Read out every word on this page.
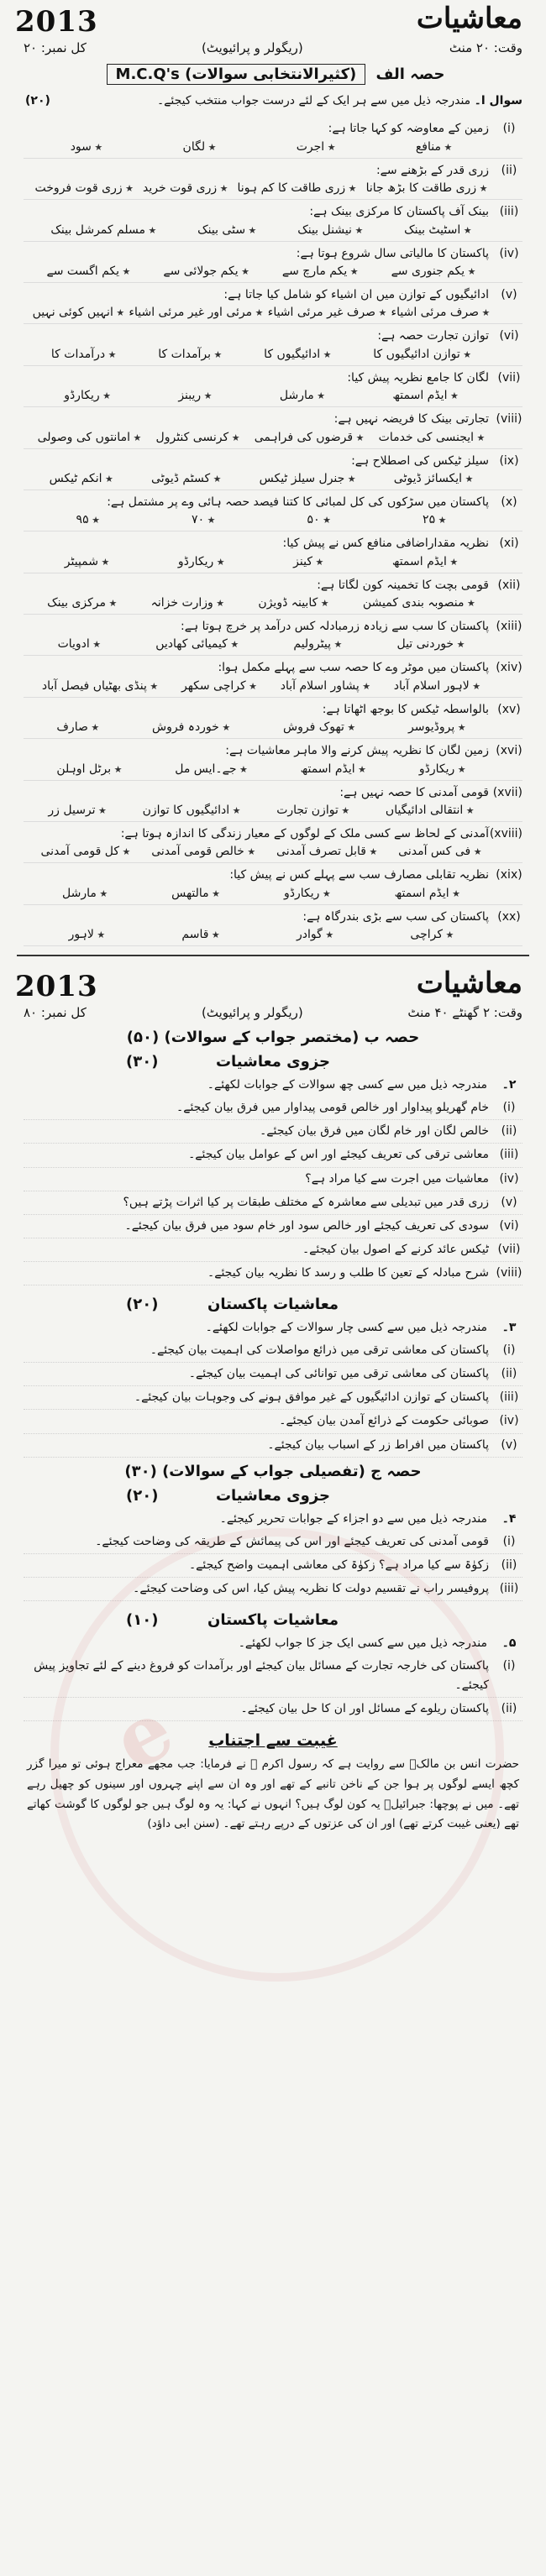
e
2013	معاشیات
وقت: ۲۰ منٹ
(ریگولر و پرائیویٹ)
کل نمبر: ۲۰
حصہ الف (کثیرالانتخابی سوالات) M.C.Q's
سوال ا۔ مندرجہ ذیل میں سے ہر ایک کے لئے درست جواب منتخب کیجئے۔
(۲۰)
(i)
زمین کے معاوضہ کو کہا جاتا ہے:
★ منافع
★ اجرت
★ لگان
★ سود
(ii)
زری قدر کے بڑھنے سے:
★ زری طاقت کا بڑھ جانا
★ زری طاقت کا کم ہونا
★ زری قوت خرید
★ زری قوت فروخت
(iii)
بینک آف پاکستان کا مرکزی بینک ہے:
★ اسٹیٹ بینک
★ نیشنل بینک
★ سٹی بینک
★ مسلم کمرشل بینک
(iv)
پاکستان کا مالیاتی سال شروع ہوتا ہے:
★ یکم جنوری سے
★ یکم مارچ سے
★ یکم جولائی سے
★ یکم اگست سے
(v)
ادائیگیوں کے توازن میں ان اشیاء کو شامل کیا جاتا ہے:
★ صرف مرئی اشیاء
★ صرف غیر مرئی اشیاء
★ مرئی اور غیر مرئی اشیاء
★ انہیں کوئی نہیں
(vi)
توازن تجارت حصہ ہے:
★ توازن ادائیگیوں کا
★ ادائیگیوں کا
★ برآمدات کا
★ درآمدات کا
(vii)
لگان کا جامع نظریہ پیش کیا:
★ ایڈم اسمتھ
★ مارشل
★ ریبنز
★ ریکارڈو
(viii)
تجارتی بینک کا فریضہ نہیں ہے:
★ ایجنسی کی خدمات
★ قرضوں کی فراہمی
★ کرنسی کنٹرول
★ امانتوں کی وصولی
(ix)
سیلز ٹیکس کی اصطلاح ہے:
★ ایکسائز ڈیوٹی
★ جنرل سیلز ٹیکس
★ کسٹم ڈیوٹی
★ انکم ٹیکس
(x)
پاکستان میں سڑکوں کی کل لمبائی کا کتنا فیصد حصہ ہائی وے پر مشتمل ہے:
★ ۲۵
★ ۵۰
★ ۷۰
★ ۹۵
(xi)
نظریہ مقداراضافی منافع کس نے پیش کیا:
★ ایڈم اسمتھ
★ کینز
★ ریکارڈو
★ شمپیٹر
(xii)
قومی بچت کا تخمینہ کون لگاتا ہے:
★ منصوبہ بندی کمیشن
★ کابینہ ڈویژن
★ وزارت خزانہ
★ مرکزی بینک
(xiii)
پاکستان کا سب سے زیادہ زرمبادلہ کس درآمد پر خرچ ہوتا ہے:
★ خوردنی تیل
★ پیٹرولیم
★ کیمیائی کھادیں
★ ادویات
(xiv)
پاکستان میں موٹر وے کا حصہ سب سے پہلے مکمل ہوا:
★ لاہور اسلام آباد
★ پشاور اسلام آباد
★ کراچی سکھر
★ پنڈی بھٹیاں فیصل آباد
(xv)
بالواسطہ ٹیکس کا بوجھ اٹھاتا ہے:
★ پروڈیوسر
★ تھوک فروش
★ خوردہ فروش
★ صارف
(xvi)
زمین لگان کا نظریہ پیش کرنے والا ماہر معاشیات ہے:
★ ریکارڈو
★ ایڈم اسمتھ
★ جے۔ایس مل
★ برٹل اوہلن
(xvii)
قومی آمدنی کا حصہ نہیں ہے:
★ انتقالی ادائیگیاں
★ توازن تجارت
★ ادائیگیوں کا توازن
★ ترسیل زر
(xviii)
آمدنی کے لحاظ سے کسی ملک کے لوگوں کے معیار زندگی کا اندازہ ہوتا ہے:
★ فی کس آمدنی
★ قابل تصرف آمدنی
★ خالص قومی آمدنی
★ کل قومی آمدنی
(xix)
نظریہ تقابلی مصارف سب سے پہلے کس نے پیش کیا:
★ ایڈم اسمتھ
★ ریکارڈو
★ مالتھس
★ مارشل
(xx)
پاکستان کی سب سے بڑی بندرگاہ ہے:
★ کراچی
★ گوادر
★ قاسم
★ لاہور
2013	معاشیات
وقت: ۲ گھنٹے ۴۰ منٹ
(ریگولر و پرائیویٹ)
کل نمبر: ۸۰
حصہ ب (مختصر جواب کے سوالات) (۵۰)
جزوی معاشیات
(۳۰)
۲۔
مندرجہ ذیل میں سے کسی چھ سوالات کے جوابات لکھئے۔
(i)
خام گھریلو پیداوار اور خالص قومی پیداوار میں فرق بیان کیجئے۔
(ii)
خالص لگان اور خام لگان میں فرق بیان کیجئے۔
(iii)
معاشی ترقی کی تعریف کیجئے اور اس کے عوامل بیان کیجئے۔
(iv)
معاشیات میں اجرت سے کیا مراد ہے؟
(v)
زری قدر میں تبدیلی سے معاشرہ کے مختلف طبقات پر کیا اثرات پڑتے ہیں؟
(vi)
سودی کی تعریف کیجئے اور خالص سود اور خام سود میں فرق بیان کیجئے۔
(vii)
ٹیکس عائد کرنے کے اصول بیان کیجئے۔
(viii)
شرح مبادلہ کے تعین کا طلب و رسد کا نظریہ بیان کیجئے۔
معاشیات پاکستان
(۲۰)
۳۔
مندرجہ ذیل میں سے کسی چار سوالات کے جوابات لکھئے۔
(i)
پاکستان کی معاشی ترقی میں ذرائع مواصلات کی اہمیت بیان کیجئے۔
(ii)
پاکستان کی معاشی ترقی میں توانائی کی اہمیت بیان کیجئے۔
(iii)
پاکستان کے توازن ادائیگیوں کے غیر موافق ہونے کی وجوہات بیان کیجئے۔
(iv)
صوبائی حکومت کے ذرائع آمدن بیان کیجئے۔
(v)
پاکستان میں افراط زر کے اسباب بیان کیجئے۔
حصہ ج (تفصیلی جواب کے سوالات) (۳۰)
جزوی معاشیات
(۲۰)
۴۔
مندرجہ ذیل میں سے دو اجزاء کے جوابات تحریر کیجئے۔
(i)
قومی آمدنی کی تعریف کیجئے اور اس کی پیمائش کے طریقہ کی وضاحت کیجئے۔
(ii)
زکوٰۃ سے کیا مراد ہے؟ زکوٰۃ کی معاشی اہمیت واضح کیجئے۔
(iii)
پروفیسر راب نے تقسیم دولت کا نظریہ پیش کیا، اس کی وضاحت کیجئے۔
معاشیات پاکستان
(۱۰)
۵۔
مندرجہ ذیل میں سے کسی ایک جز کا جواب لکھئے۔
(i)
پاکستان کی خارجہ تجارت کے مسائل بیان کیجئے اور برآمدات کو فروغ دینے کے لئے تجاویز پیش کیجئے۔
(ii)
پاکستان ریلوے کے مسائل اور ان کا حل بیان کیجئے۔
غیبت سے اجتناب
حضرت انس بن مالکؓ سے روایت ہے کہ رسول اکرم ﷺ نے فرمایا: جب مجھے معراج ہوئی تو میرا گزر کچھ ایسے لوگوں پر ہوا جن کے ناخن تانبے کے تھے اور وہ ان سے اپنے چہروں اور سینوں کو چھیل رہے تھے۔ میں نے پوچھا: جبرائیلؑ یہ کون لوگ ہیں؟ انہوں نے کہا: یہ وہ لوگ ہیں جو لوگوں کا گوشت کھاتے تھے (یعنی غیبت کرتے تھے) اور ان کی عزتوں کے درپے رہتے تھے۔ (سنن ابی داؤد)
